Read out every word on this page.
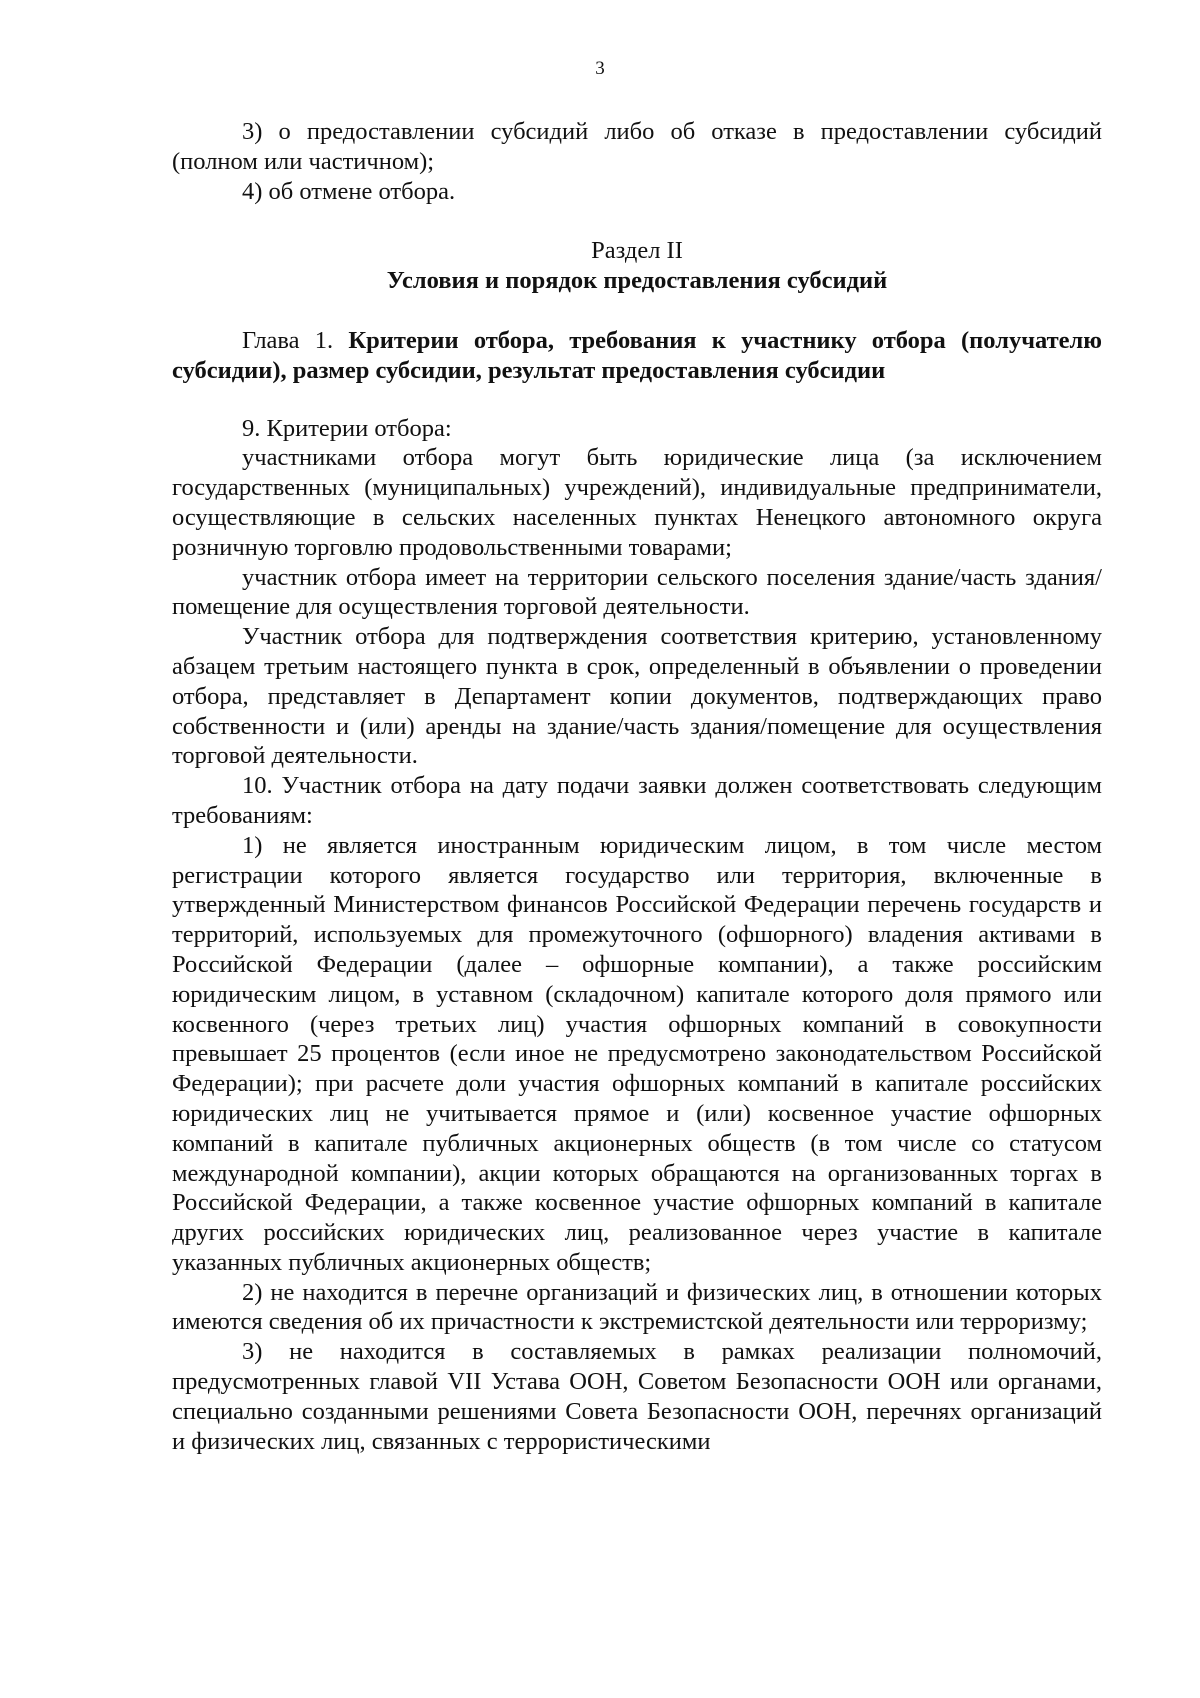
3

3) о предоставлении субсидий либо об отказе в предоставлении субсидий (полном или частичном);

4) об отмене отбора.

Раздел II

Условия и порядок предоставления субсидий

Глава 1. Критерии отбора, требования к участнику отбора (получателю субсидии), размер субсидии, результат предоставления субсидии

9. Критерии отбора:

участниками отбора могут быть юридические лица (за исключением государственных (муниципальных) учреждений), индивидуальные предприниматели, осуществляющие в сельских населенных пунктах Ненецкого автономного округа розничную торговлю продовольственными товарами;

участник отбора имеет на территории сельского поселения здание/часть здания/помещение для осуществления торговой деятельности.

Участник отбора для подтверждения соответствия критерию, установленному абзацем третьим настоящего пункта в срок, определенный в объявлении о проведении отбора, представляет в Департамент копии документов, подтверждающих право собственности и (или) аренды на здание/часть здания/помещение для осуществления торговой деятельности.

10. Участник отбора на дату подачи заявки должен соответствовать следующим требованиям:

1) не является иностранным юридическим лицом, в том числе местом регистрации которого является государство или территория, включенные в утвержденный Министерством финансов Российской Федерации перечень государств и территорий, используемых для промежуточного (офшорного) владения активами в Российской Федерации (далее – офшорные компании), а также российским юридическим лицом, в уставном (складочном) капитале которого доля прямого или косвенного (через третьих лиц) участия офшорных компаний в совокупности превышает 25 процентов (если иное не предусмотрено законодательством Российской Федерации); при расчете доли участия офшорных компаний в капитале российских юридических лиц не учитывается прямое и (или) косвенное участие офшорных компаний в капитале публичных акционерных обществ (в том числе со статусом международной компании), акции которых обращаются на организованных торгах в Российской Федерации, а также косвенное участие офшорных компаний в капитале других российских юридических лиц, реализованное через участие в капитале указанных публичных акционерных обществ;

2) не находится в перечне организаций и физических лиц, в отношении которых имеются сведения об их причастности к экстремистской деятельности или терроризму;

3) не находится в составляемых в рамках реализации полномочий, предусмотренных главой VII Устава ООН, Советом Безопасности ООН или органами, специально созданными решениями Совета Безопасности ООН, перечнях организаций и физических лиц, связанных с террористическими
